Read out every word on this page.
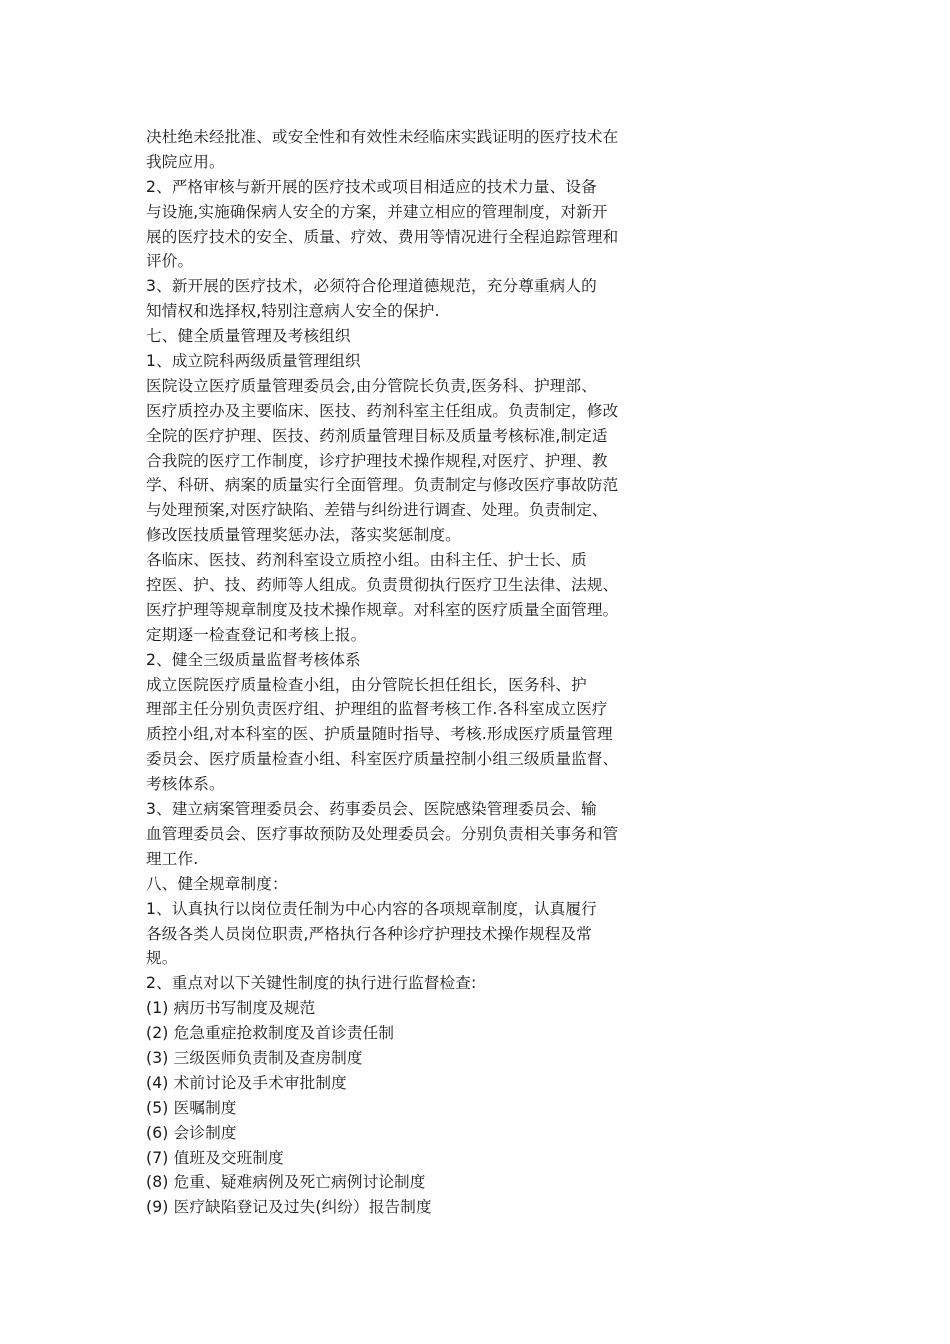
决杜绝未经批准、或安全性和有效性未经临床实践证明的医疗技术在
我院应用。
2、严格审核与新开展的医疗技术或项目相适应的技术力量、设备
与设施,实施确保病人安全的方案，并建立相应的管理制度，对新开
展的医疗技术的安全、质量、疗效、费用等情况进行全程追踪管理和
评价。
3、新开展的医疗技术，必须符合伦理道德规范，充分尊重病人的
知情权和选择权,特别注意病人安全的保护.
七、健全质量管理及考核组织
1、成立院科两级质量管理组织
医院设立医疗质量管理委员会,由分管院长负责,医务科、护理部、
医疗质控办及主要临床、医技、药剂科室主任组成。负责制定，修改
全院的医疗护理、医技、药剂质量管理目标及质量考核标准,制定适
合我院的医疗工作制度，诊疗护理技术操作规程,对医疗、护理、教
学、科研、病案的质量实行全面管理。负责制定与修改医疗事故防范
与处理预案,对医疗缺陷、差错与纠纷进行调查、处理。负责制定、
修改医技质量管理奖惩办法，落实奖惩制度。
各临床、医技、药剂科室设立质控小组。由科主任、护士长、质
控医、护、技、药师等人组成。负责贯彻执行医疗卫生法律、法规、
医疗护理等规章制度及技术操作规章。对科室的医疗质量全面管理。
定期逐一检查登记和考核上报。
2、健全三级质量监督考核体系
成立医院医疗质量检查小组，由分管院长担任组长，医务科、护
理部主任分别负责医疗组、护理组的监督考核工作.各科室成立医疗
质控小组,对本科室的医、护质量随时指导、考核.形成医疗质量管理
委员会、医疗质量检查小组、科室医疗质量控制小组三级质量监督、
考核体系。
3、建立病案管理委员会、药事委员会、医院感染管理委员会、输
血管理委员会、医疗事故预防及处理委员会。分别负责相关事务和管
理工作.
八、健全规章制度：
1、认真执行以岗位责任制为中心内容的各项规章制度，认真履行
各级各类人员岗位职责,严格执行各种诊疗护理技术操作规程及常
规。
2、重点对以下关键性制度的执行进行监督检查:
(1) 病历书写制度及规范
(2) 危急重症抢救制度及首诊责任制
(3) 三级医师负责制及查房制度
(4) 术前讨论及手术审批制度
(5) 医嘱制度
(6) 会诊制度
(7) 值班及交班制度
(8) 危重、疑难病例及死亡病例讨论制度
(9) 医疗缺陷登记及过失(纠纷）报告制度
